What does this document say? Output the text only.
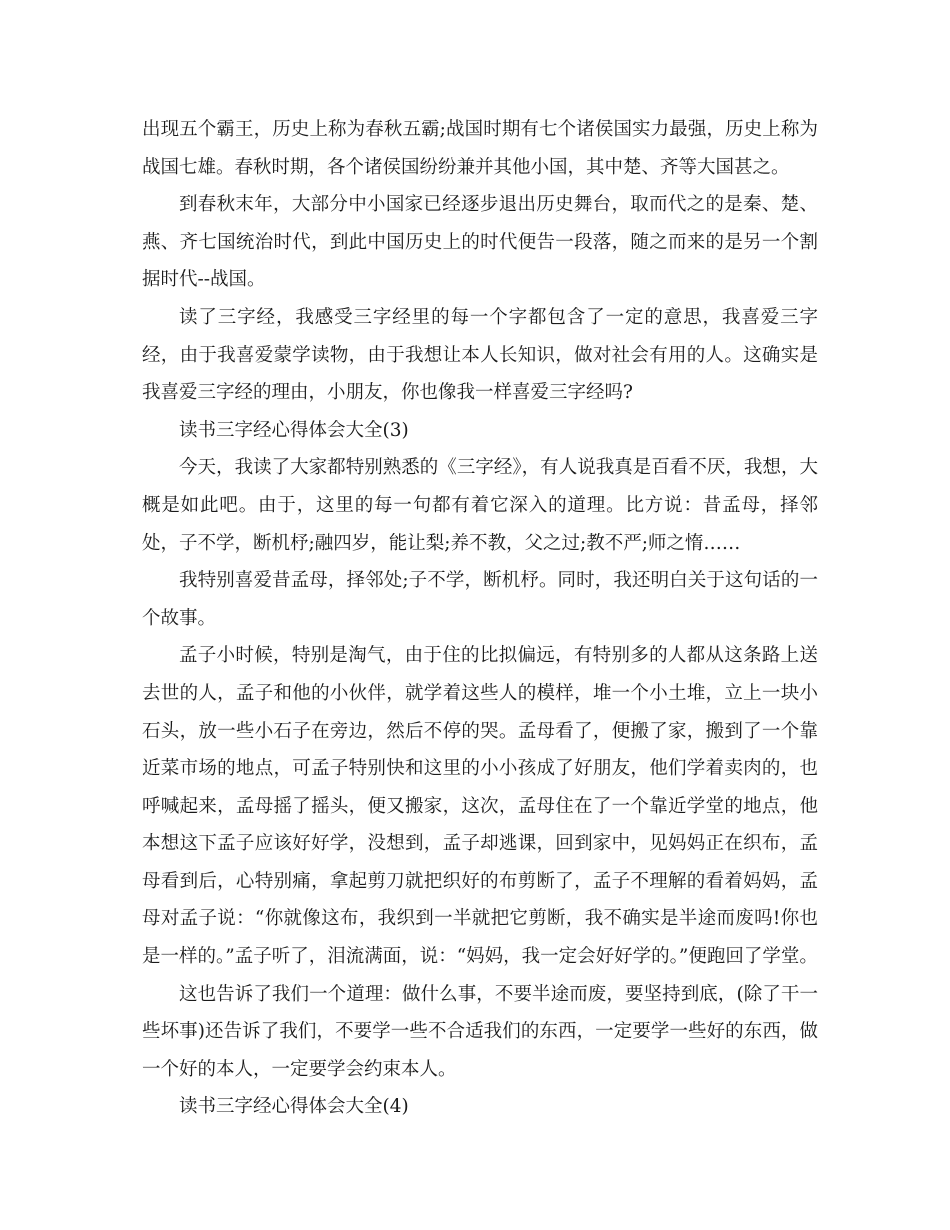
出现五个霸王，历史上称为春秋五霸;战国时期有七个诸侯国实力最强，历史上称为战国七雄。春秋时期，各个诸侯国纷纷兼并其他小国，其中楚、齐等大国甚之。

到春秋末年，大部分中小国家已经逐步退出历史舞台，取而代之的是秦、楚、燕、齐七国统治时代，到此中国历史上的时代便告一段落，随之而来的是另一个割据时代--战国。

读了三字经，我感受三字经里的每一个字都包含了一定的意思，我喜爱三字经，由于我喜爱蒙学读物，由于我想让本人长知识，做对社会有用的人。这确实是我喜爱三字经的理由，小朋友，你也像我一样喜爱三字经吗?

读书三字经心得体会大全(3)

今天，我读了大家都特别熟悉的《三字经》，有人说我真是百看不厌，我想，大概是如此吧。由于，这里的每一句都有着它深入的道理。比方说：昔孟母，择邻处，子不学，断机杼;融四岁，能让梨;养不教，父之过;教不严;师之惰……

我特别喜爱昔孟母，择邻处;子不学，断机杼。同时，我还明白关于这句话的一个故事。

孟子小时候，特别是淘气，由于住的比拟偏远，有特别多的人都从这条路上送去世的人，孟子和他的小伙伴，就学着这些人的模样，堆一个小土堆，立上一块小石头，放一些小石子在旁边，然后不停的哭。孟母看了，便搬了家，搬到了一个靠近菜市场的地点，可孟子特别快和这里的小小孩成了好朋友，他们学着卖肉的，也呼喊起来，孟母摇了摇头，便又搬家，这次，孟母住在了一个靠近学堂的地点，他本想这下孟子应该好好学，没想到，孟子却逃课，回到家中，见妈妈正在织布，孟母看到后，心特别痛，拿起剪刀就把织好的布剪断了，孟子不理解的看着妈妈，孟母对孟子说：“你就像这布，我织到一半就把它剪断，我不确实是半途而废吗!你也是一样的。”孟子听了，泪流满面，说：“妈妈，我一定会好好学的。”便跑回了学堂。

这也告诉了我们一个道理：做什么事，不要半途而废，要坚持到底，(除了干一些坏事)还告诉了我们，不要学一些不合适我们的东西，一定要学一些好的东西，做一个好的本人，一定要学会约束本人。

读书三字经心得体会大全(4)
